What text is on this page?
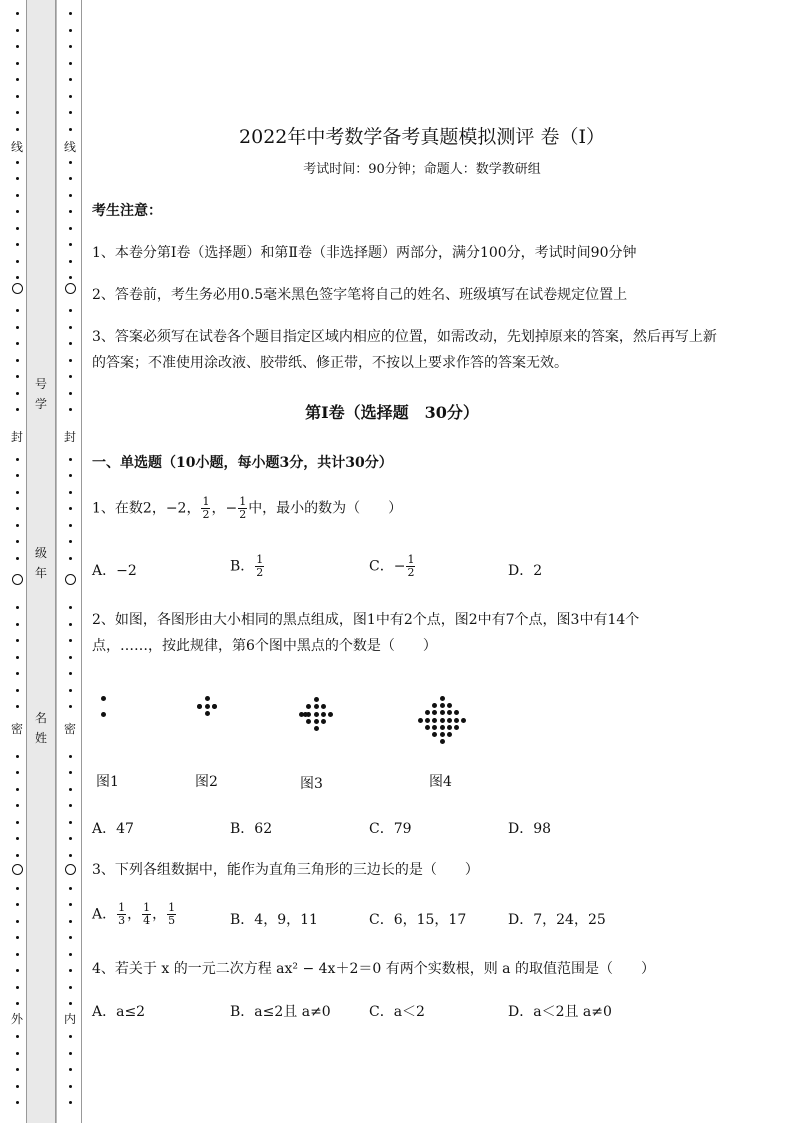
线
封
密
外
号
学
级
年
名
姓
线
封
密
内
2022年中考数学备考真题模拟测评 卷（Ⅰ）
考试时间：90分钟；命题人：数学教研组
考生注意：
1、本卷分第Ⅰ卷（选择题）和第Ⅱ卷（非选择题）两部分，满分100分，考试时间90分钟
2、答卷前，考生务必用0.5毫米黑色签字笔将自己的姓名、班级填写在试卷规定位置上
3、答案必须写在试卷各个题目指定区域内相应的位置，如需改动，先划掉原来的答案，然后再写上新
的答案；不准使用涂改液、胶带纸、修正带，不按以上要求作答的答案无效。
第Ⅰ卷（选择题　30分）
一、单选题（10小题，每小题3分，共计30分）
1、在数2，−2， $\frac{1}{2}$ ，− $\frac{1}{2}$ 中，最小的数为（　　）
A．−2	B． $\frac{1}{2}$	C．− $\frac{1}{2}$	D．2
2、如图，各图形由大小相同的黑点组成，图1中有2个点，图2中有7个点，图3中有14个
点，……，按此规律，第6个图中黑点的个数是（　　）
图1	图2	图3	图4
A．47	B．62	C．79	D．98
3、下列各组数据中，能作为直角三角形的三边长的是（　　）
A． $\frac{1}{3}$ ， $\frac{1}{4}$ ， $\frac{1}{5}$	B．4，9，11	C．6，15，17	D．7，24，25
4、若关于 x 的一元二次方程 ax² − 4x＋2＝0 有两个实数根，则 a 的取值范围是（　　）
A．a≤2	B．a≤2且 a≠0	C．a＜2	D．a＜2且 a≠0
